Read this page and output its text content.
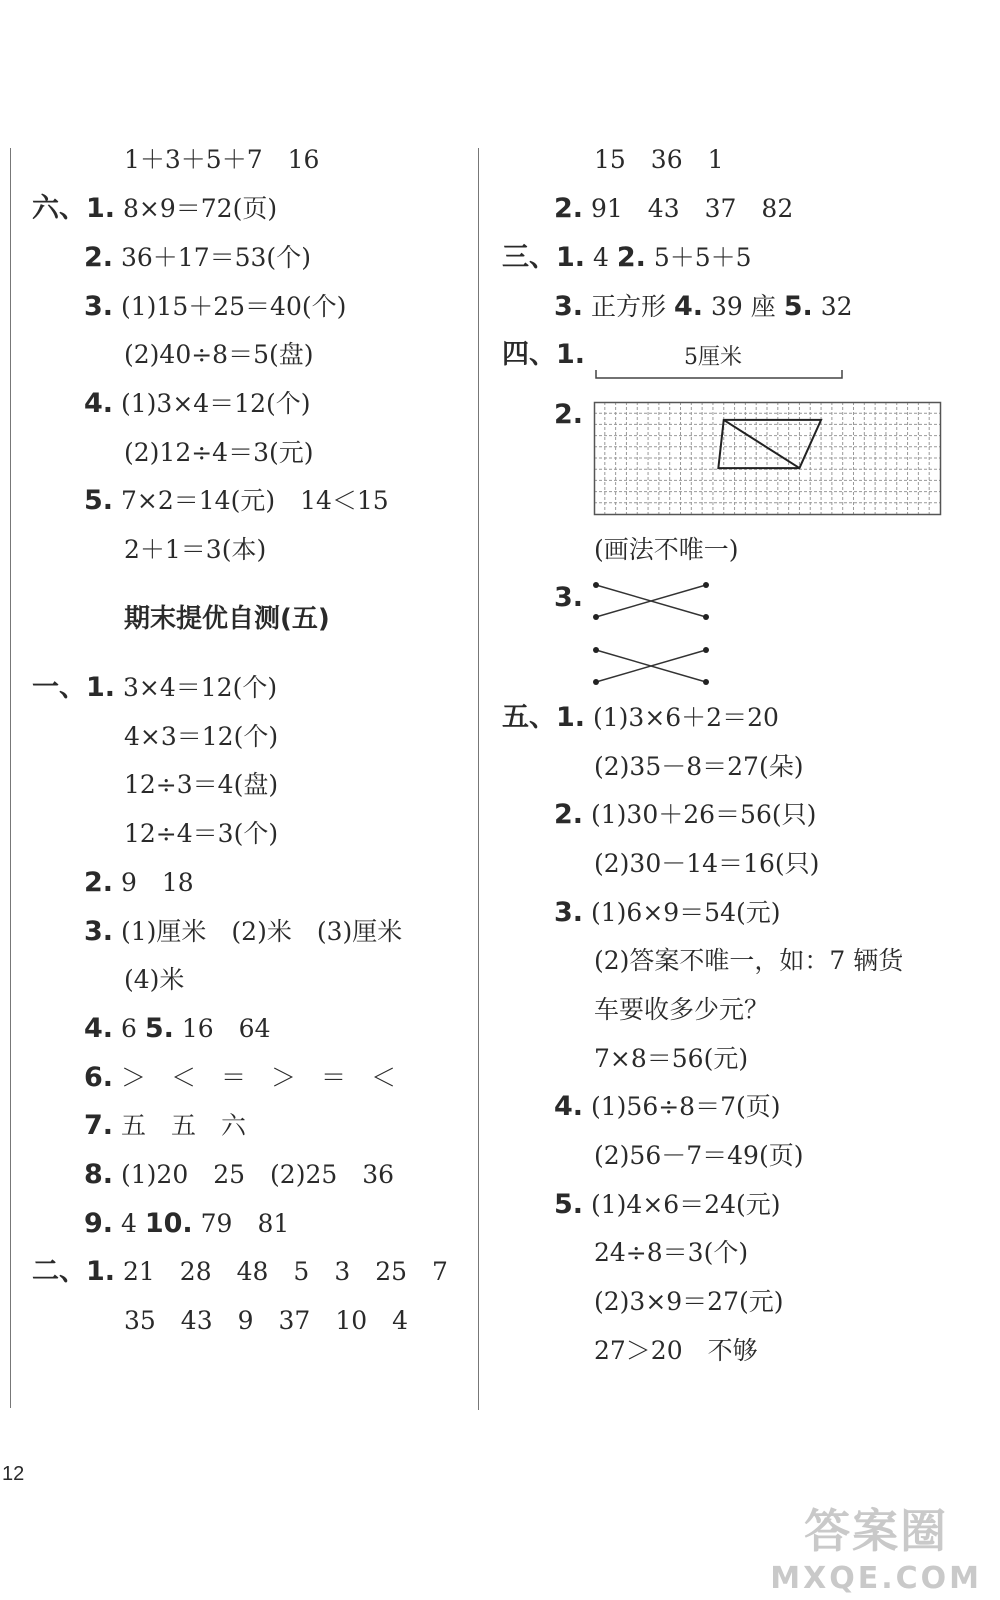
1＋3＋5＋7　16
六、1. 8×9＝72(页)
2. 36＋17＝53(个)
3. (1)15＋25＝40(个)
(2)40÷8＝5(盘)
4. (1)3×4＝12(个)
(2)12÷4＝3(元)
5. 7×2＝14(元)　14＜15
2＋1＝3(本)
期末提优自测(五)
一、1. 3×4＝12(个)
4×3＝12(个)
12÷3＝4(盘)
12÷4＝3(个)
2. 9　18
3. (1)厘米　(2)米　(3)厘米
(4)米
4. 6 5. 16　64
6. ＞　＜　＝　＞　＝　＜
7. 五　五　六
8. (1)20　25　(2)25　36
9. 4 10. 79　81
二、1. 21　28　48　5　3　25　7
35　43　9　37　10　4
15　36　1
2. 91　43　37　82
三、1. 4 2. 5＋5＋5
3. 正方形 4. 39 座 5. 32
四、1.	5厘米
2.
(画法不唯一)
3.
五、1. (1)3×6＋2＝20
(2)35－8＝27(朵)
2. (1)30＋26＝56(只)
(2)30－14＝16(只)
3. (1)6×9＝54(元)
(2)答案不唯一，如：7 辆货
车要收多少元？
7×8＝56(元)
4. (1)56÷8＝7(页)
(2)56－7＝49(页)
5. (1)4×6＝24(元)
24÷8＝3(个)
(2)3×9＝27(元)
27＞20　不够
12
答案圈
MXQE.COM
